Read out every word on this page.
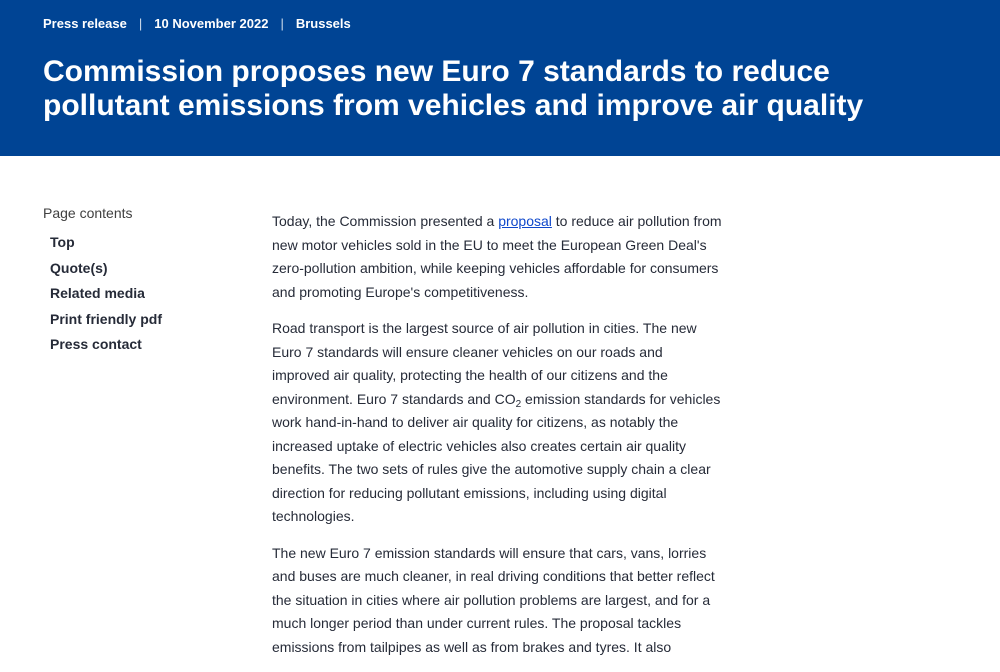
Press release | 10 November 2022 | Brussels
Commission proposes new Euro 7 standards to reduce pollutant emissions from vehicles and improve air quality
Page contents
Top
Quote(s)
Related media
Print friendly pdf
Press contact

Today, the Commission presented a proposal to reduce air pollution from new motor vehicles sold in the EU to meet the European Green Deal's zero-pollution ambition, while keeping vehicles affordable for consumers and promoting Europe's competitiveness.

Road transport is the largest source of air pollution in cities. The new Euro 7 standards will ensure cleaner vehicles on our roads and improved air quality, protecting the health of our citizens and the environment. Euro 7 standards and $CO_2$ emission standards for vehicles work hand-in-hand to deliver air quality for citizens, as notably the increased uptake of electric vehicles also creates certain air quality benefits. The two sets of rules give the automotive supply chain a clear direction for reducing pollutant emissions, including using digital technologies.

The new Euro 7 emission standards will ensure that cars, vans, lorries and buses are much cleaner, in real driving conditions that better reflect the situation in cities where air pollution problems are largest, and for a much longer period than under current rules. The proposal tackles emissions from tailpipes as well as from brakes and tyres. It also
